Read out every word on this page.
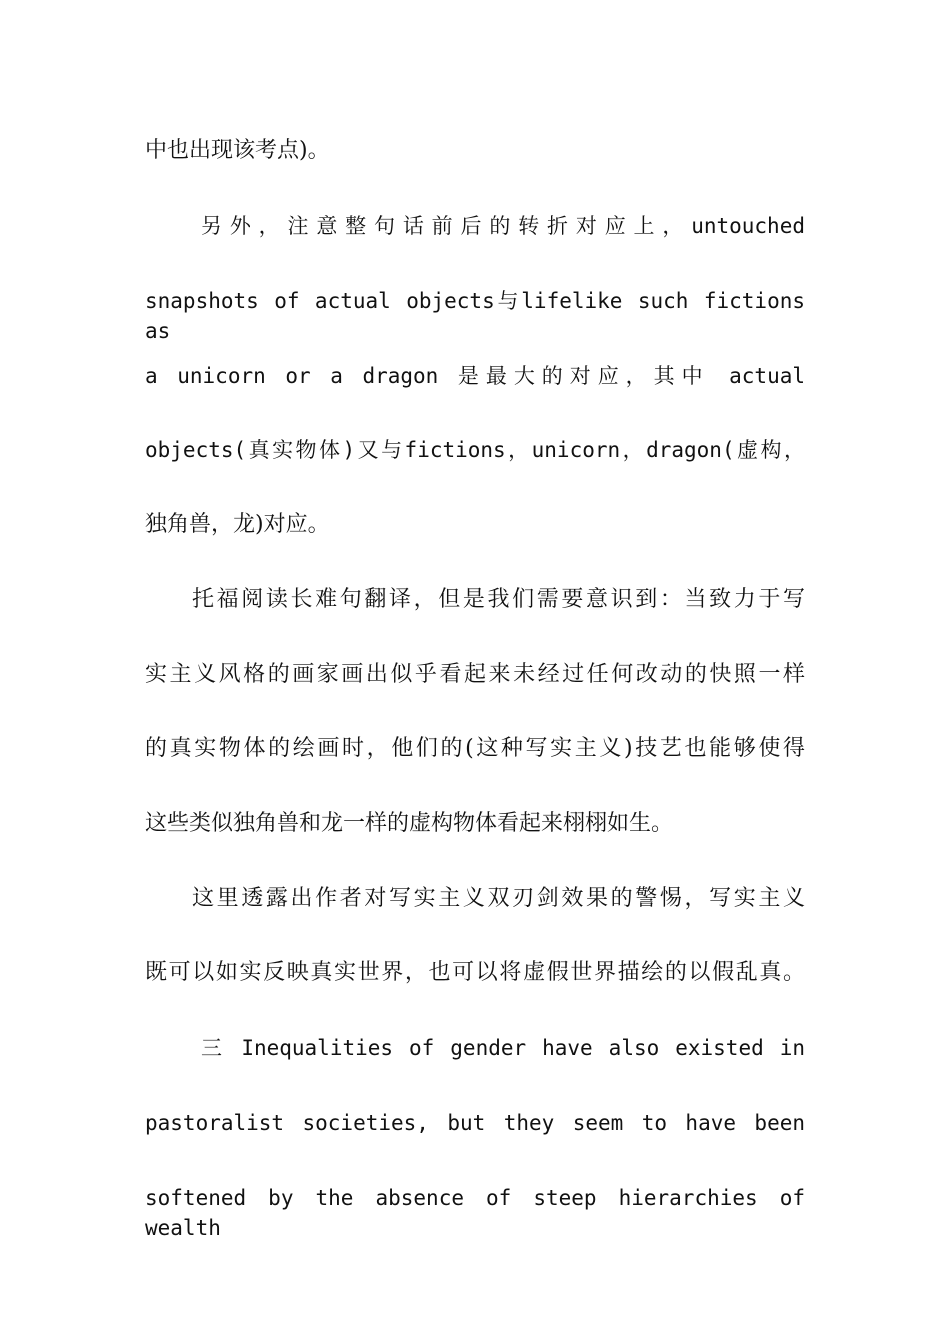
中也出现该考点)。
另外，注意整句话前后的转折对应上，untouched
snapshots of actual objects与lifelike such fictions as
a unicorn or a dragon 是最大的对应，其中 actual
objects(真实物体)又与fictions，unicorn，dragon(虚构，
独角兽，龙)对应。
托福阅读长难句翻译，但是我们需要意识到：当致力于写
实主义风格的画家画出似乎看起来未经过任何改动的快照一样
的真实物体的绘画时，他们的(这种写实主义)技艺也能够使得
这些类似独角兽和龙一样的虚构物体看起来栩栩如生。
这里透露出作者对写实主义双刃剑效果的警惕，写实主义
既可以如实反映真实世界，也可以将虚假世界描绘的以假乱真。
三 Inequalities of gender have also existed in
pastoralist societies, but they seem to have been
softened by the absence of steep hierarchies of wealth
